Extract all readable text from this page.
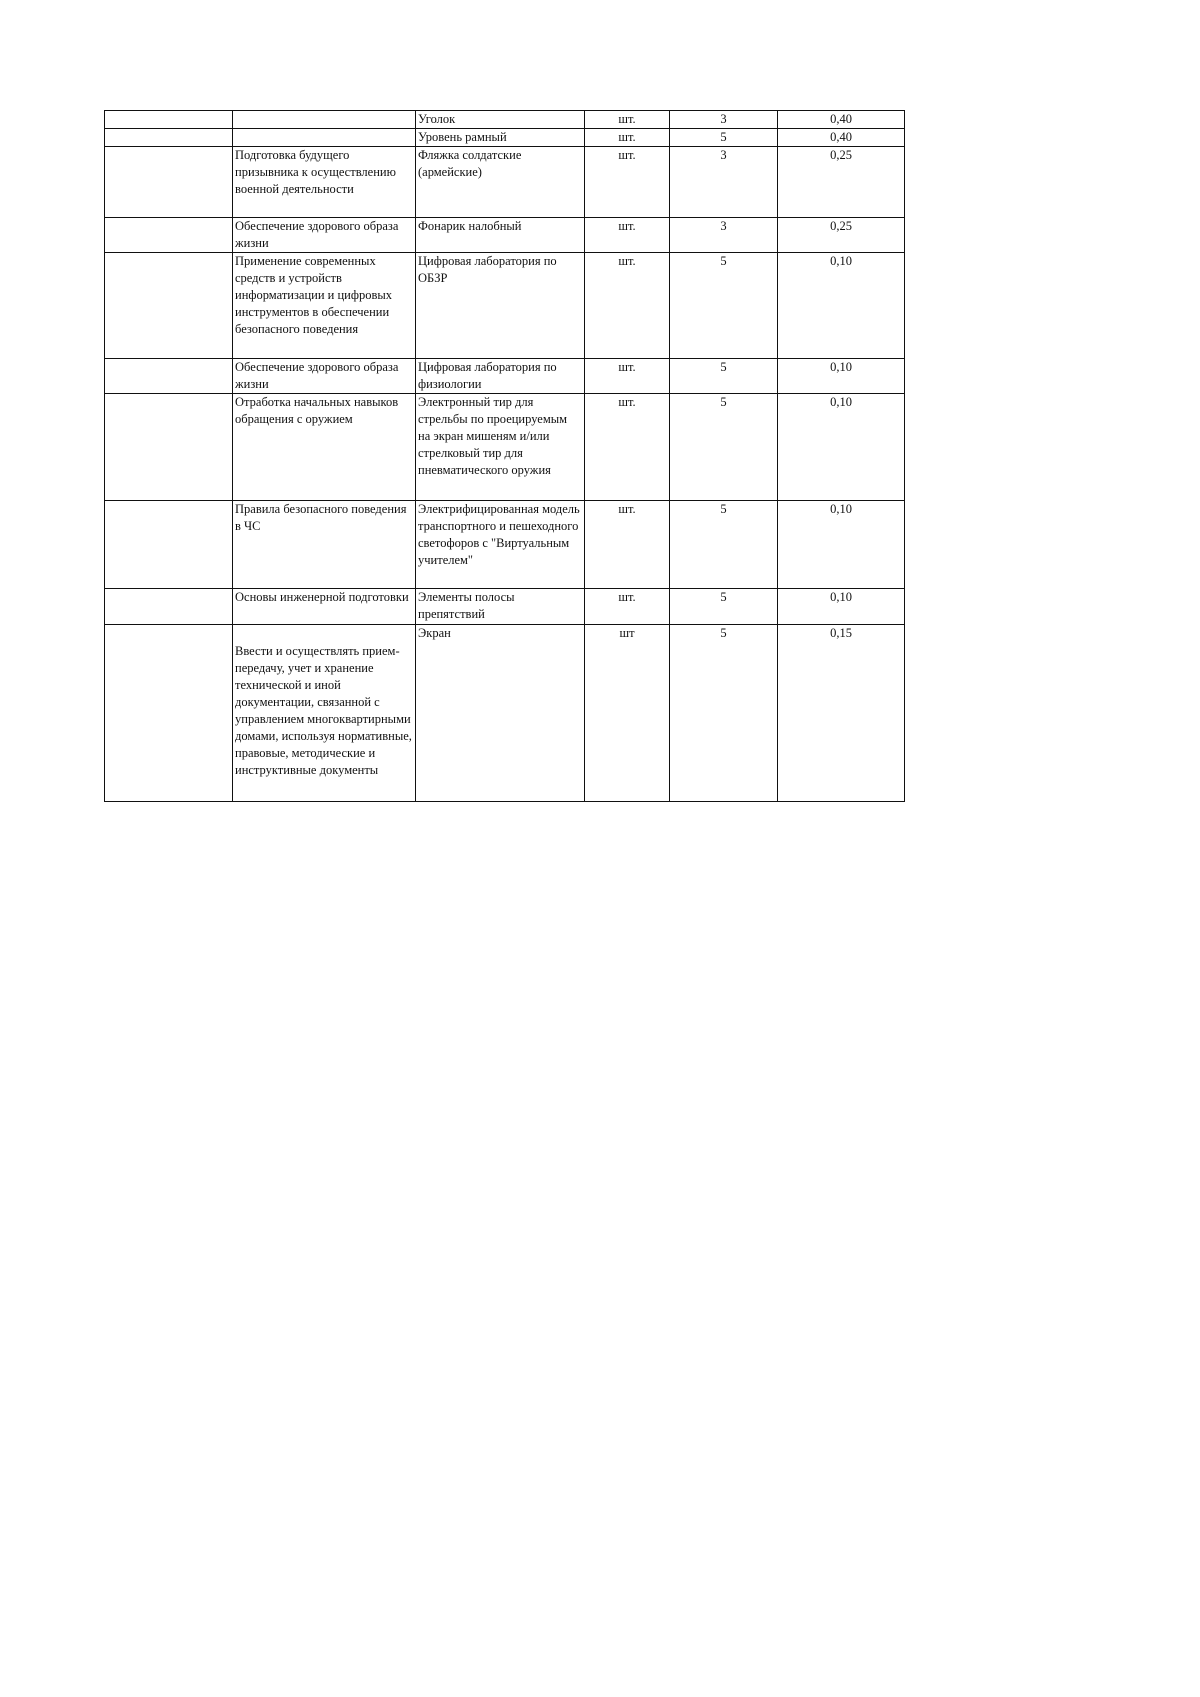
		Уголок	шт.	3	0,40
		Уровень рамный	шт.	5	0,40
	Подготовка будущего призывника к осуществлению военной деятельности	Фляжка солдатские (армейские)	шт.	3	0,25
	Обеспечение здорового образа жизни	Фонарик налобный	шт.	3	0,25
	Применение современных средств и устройств информатизации и цифровых инструментов в обеспечении безопасного поведения	Цифровая лаборатория по ОБЗР	шт.	5	0,10
	Обеспечение здорового образа жизни	Цифровая лаборатория по физиологии	шт.	5	0,10
	Отработка начальных навыков обращения с оружием	Электронный тир для стрельбы по проецируемым на экран мишеням и/или стрелковый тир для пневматического оружия	шт.	5	0,10
	Правила безопасного поведения в ЧС	Электрифицированная модель транспортного и пешеходного светофоров с "Виртуальным учителем"	шт.	5	0,10
	Основы инженерной подготовки	Элементы полосы препятствий	шт.	5	0,10
	Ввести и осуществлять прием-передачу, учет и хранение технической и иной документации, связанной с управлением многоквартирными домами, используя нормативные, правовые, методические и инструктивные документы	Экран	шт	5	0,15
